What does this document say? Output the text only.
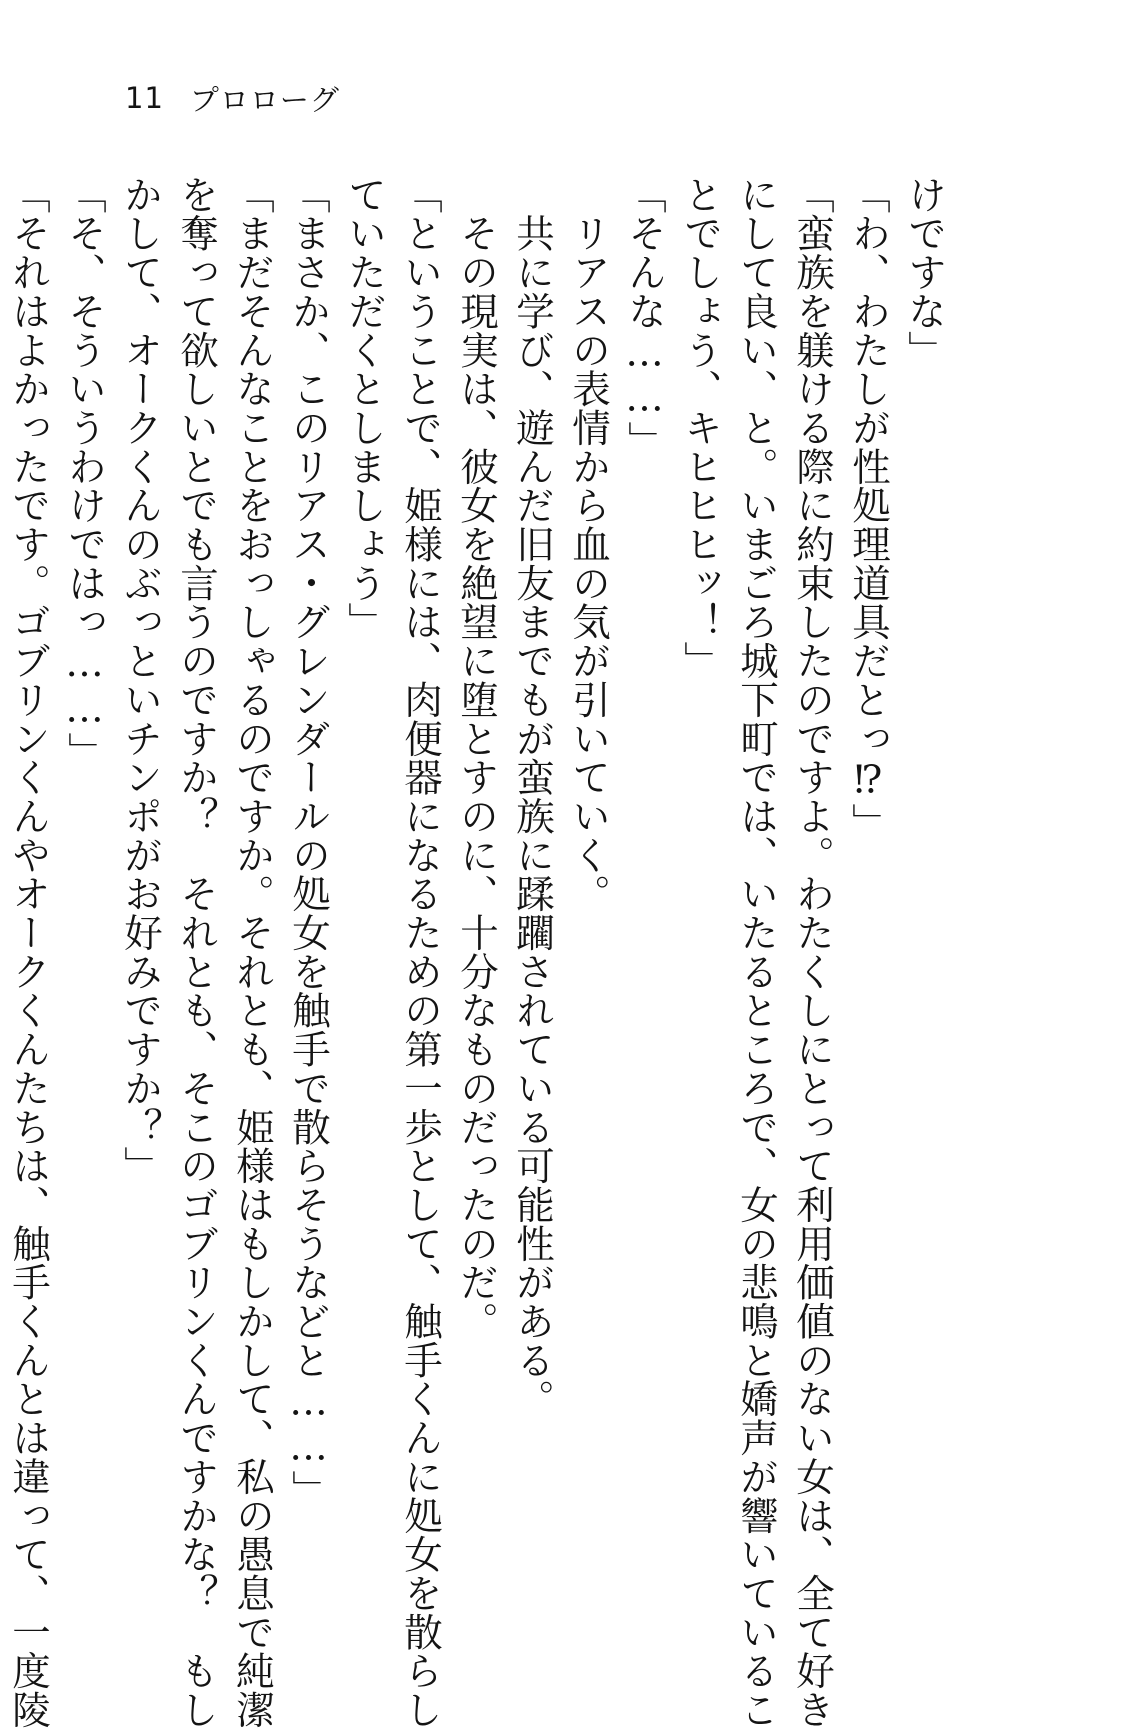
11 プロローグ
けですな」
「わ、わたしが性処理道具だとっ⁉」
「蛮族を躾ける際に約束したのですよ。わたくしにとって利用価値のない女は、全て好き
にして良い、と。いまごろ城下町では、いたるところで、女の悲鳴と嬌声が響いているこ
とでしょう、キヒヒヒッ！」
「そんな……」
　リアスの表情から血の気が引いていく。
　共に学び、遊んだ旧友までもが蛮族に蹂躙されている可能性がある。
　その現実は、彼女を絶望に堕とすのに、十分なものだったのだ。
「ということで、姫様には、肉便器になるための第一歩として、触手くんに処女を散らし
ていただくとしましょう」
「まさか、このリアス・グレンダールの処女を触手で散らそうなどと……」
「まだそんなことをおっしゃるのですか。それとも、姫様はもしかして、私の愚息で純潔
を奪って欲しいとでも言うのですか？　それとも、そこのゴブリンくんですかな？　もし
かして、オークくんのぶっといチンポがお好みですか？」
「そ、そういうわけではっ……」
「それはよかったです。ゴブリンくんやオークくんたちは、触手くんとは違って、一度陵
